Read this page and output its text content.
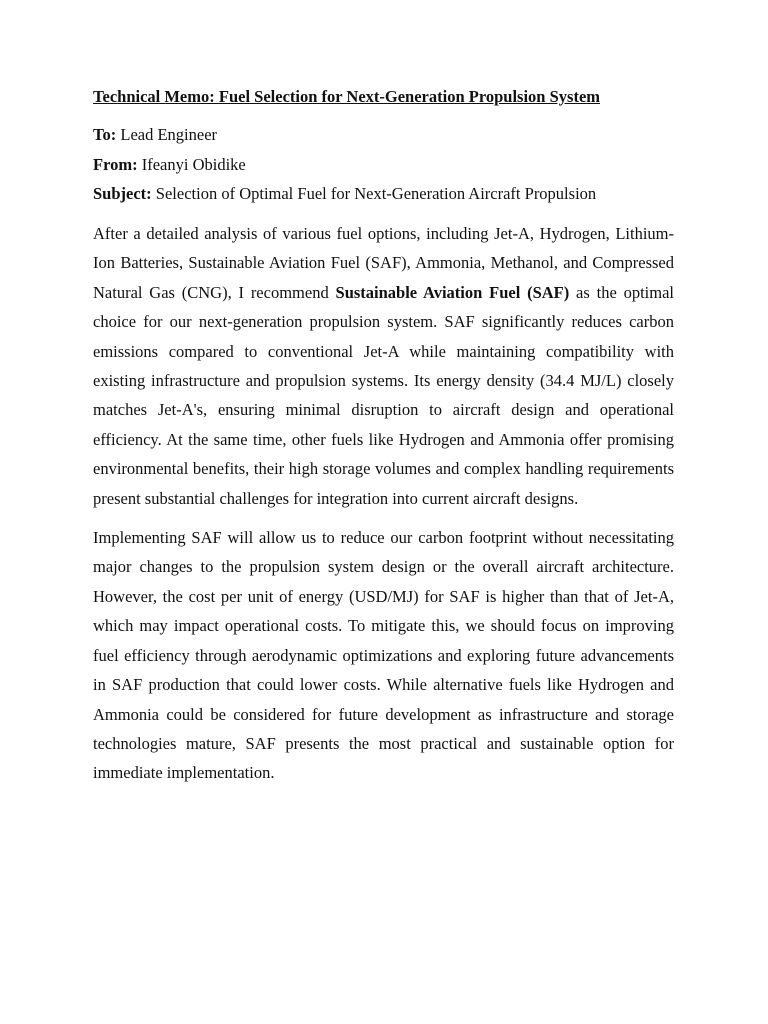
Technical Memo: Fuel Selection for Next-Generation Propulsion System
To: Lead Engineer
From: Ifeanyi Obidike
Subject: Selection of Optimal Fuel for Next-Generation Aircraft Propulsion

After a detailed analysis of various fuel options, including Jet-A, Hydrogen, Lithium-Ion Batteries, Sustainable Aviation Fuel (SAF), Ammonia, Methanol, and Compressed Natural Gas (CNG), I recommend Sustainable Aviation Fuel (SAF) as the optimal choice for our next-generation propulsion system. SAF significantly reduces carbon emissions compared to conventional Jet-A while maintaining compatibility with existing infrastructure and propulsion systems. Its energy density (34.4 MJ/L) closely matches Jet-A's, ensuring minimal disruption to aircraft design and operational efficiency. At the same time, other fuels like Hydrogen and Ammonia offer promising environmental benefits, their high storage volumes and complex handling requirements present substantial challenges for integration into current aircraft designs.

Implementing SAF will allow us to reduce our carbon footprint without necessitating major changes to the propulsion system design or the overall aircraft architecture. However, the cost per unit of energy (USD/MJ) for SAF is higher than that of Jet-A, which may impact operational costs. To mitigate this, we should focus on improving fuel efficiency through aerodynamic optimizations and exploring future advancements in SAF production that could lower costs. While alternative fuels like Hydrogen and Ammonia could be considered for future development as infrastructure and storage technologies mature, SAF presents the most practical and sustainable option for immediate implementation.
